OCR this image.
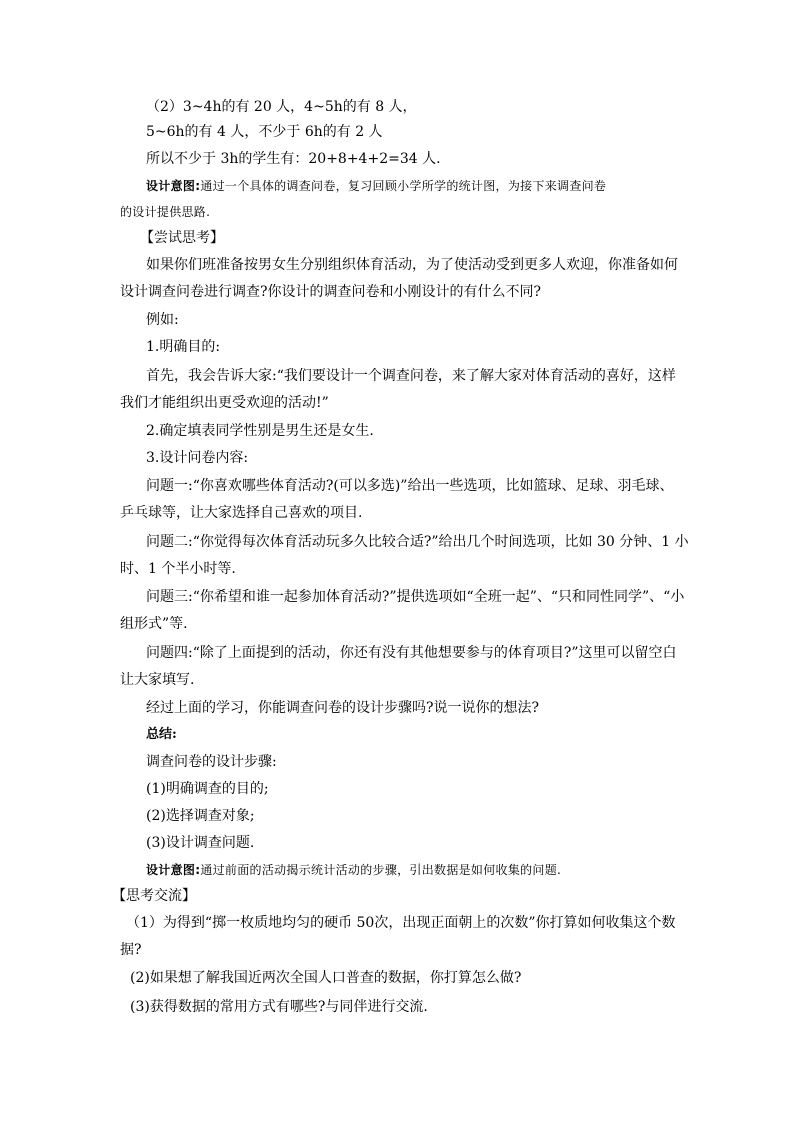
（2）3~4h的有 20 人，4~5h的有 8 人，
5~6h的有 4 人，不少于 6h的有 2 人
所以不少于 3h的学生有：20+8+4+2=34 人.
设计意图:通过一个具体的调查问卷，复习回顾小学所学的统计图，为接下来调查问卷
的设计提供思路.
【尝试思考】
如果你们班准备按男女生分别组织体育活动，为了使活动受到更多人欢迎，你准备如何
设计调查问卷进行调查?你设计的调查问卷和小刚设计的有什么不同?
例如:
1.明确目的:
首先，我会告诉大家:“我们要设计一个调查问卷，来了解大家对体育活动的喜好，这样
我们才能组织出更受欢迎的活动!”
2.确定填表同学性别是男生还是女生.
3.设计问卷内容:
问题一:“你喜欢哪些体育活动?(可以多选)”给出一些选项，比如篮球、足球、羽毛球、
乒乓球等，让大家选择自己喜欢的项目.
问题二:“你觉得每次体育活动玩多久比较合适?”给出几个时间选项，比如 30 分钟、1 小
时、1 个半小时等.
问题三:“你希望和谁一起参加体育活动?”提供选项如“全班一起”、“只和同性同学”、“小
组形式”等.
问题四:“除了上面提到的活动，你还有没有其他想要参与的体育项目?”这里可以留空白
让大家填写.
经过上面的学习，你能调查问卷的设计步骤吗?说一说你的想法?
总结:
调查问卷的设计步骤:
(1)明确调查的目的;
(2)选择调查对象;
(3)设计调查问题.
设计意图:通过前面的活动揭示统计活动的步骤，引出数据是如何收集的问题.
【思考交流】
（1）为得到“掷一枚质地均匀的硬币 50次，出现正面朝上的次数”你打算如何收集这个数
据?
(2)如果想了解我国近两次全国人口普查的数据，你打算怎么做?
(3)获得数据的常用方式有哪些?与同伴进行交流.
